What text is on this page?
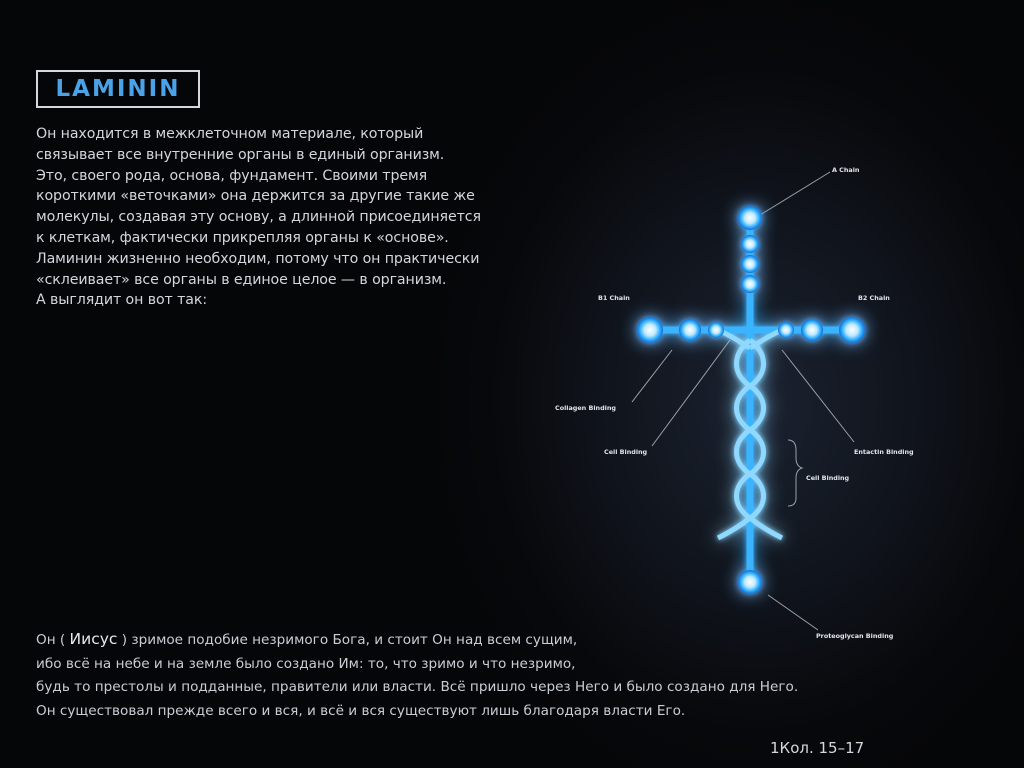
LAMININ
Он находится в межклеточном материале, который
связывает все внутренние органы в единый организм.
Это, своего рода, основа, фундамент. Своими тремя
короткими «веточками» она держится за другие такие же
молекулы, создавая эту основу, а длинной присоединяется
к клеткам, фактически прикрепляя органы к «основе».
Ламинин жизненно необходим, потому что он практически
«склеивает» все органы в единое целое — в организм.
А выглядит он вот так:
A Chain
B1 Chain	B2 Chain
Collagen Binding
Cell Binding	Entactin Binding
Cell Binding
Proteoglycan Binding
Он ( Иисус ) зримое подобие незримого Бога, и стоит Он над всем сущим,
ибо всё на небе и на земле было создано Им: то, что зримо и что незримо,
будь то престолы и подданные, правители или власти. Всё пришло через Него и было создано для Него.
Он существовал прежде всего и вся, и всё и вся существуют лишь благодаря власти Его.
1Кол. 15–17
